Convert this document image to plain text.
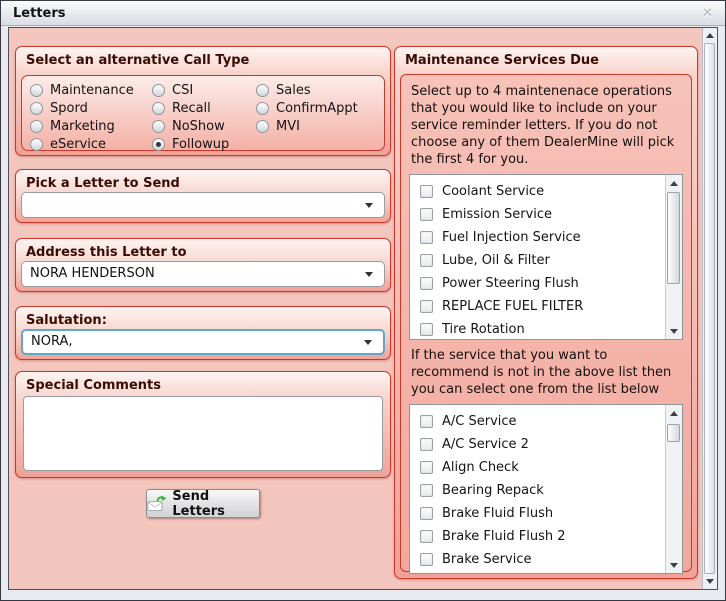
Letters	✕
Select an alternative Call Type
Maintenance
Spord
Marketing
eService
CSI
Recall
NoShow
Followup
Sales
ConfirmAppt
MVI
Pick a Letter to Send
Address this Letter to
NORA HENDERSON
Salutation:
NORA,
Special Comments
Send Letters
Maintenance Services Due
Select up to 4 maintenenace operations that you would like to include on your service reminder letters. If you do not choose any of them DealerMine will pick the first 4 for you.
Coolant Service
Emission Service
Fuel Injection Service
Lube, Oil & Filter
Power Steering Flush
REPLACE FUEL FILTER
Tire Rotation
If the service that you want to recommend is not in the above list then you can select one from the list below
A/C Service
A/C Service 2
Align Check
Bearing Repack
Brake Fluid Flush
Brake Fluid Flush 2
Brake Service
